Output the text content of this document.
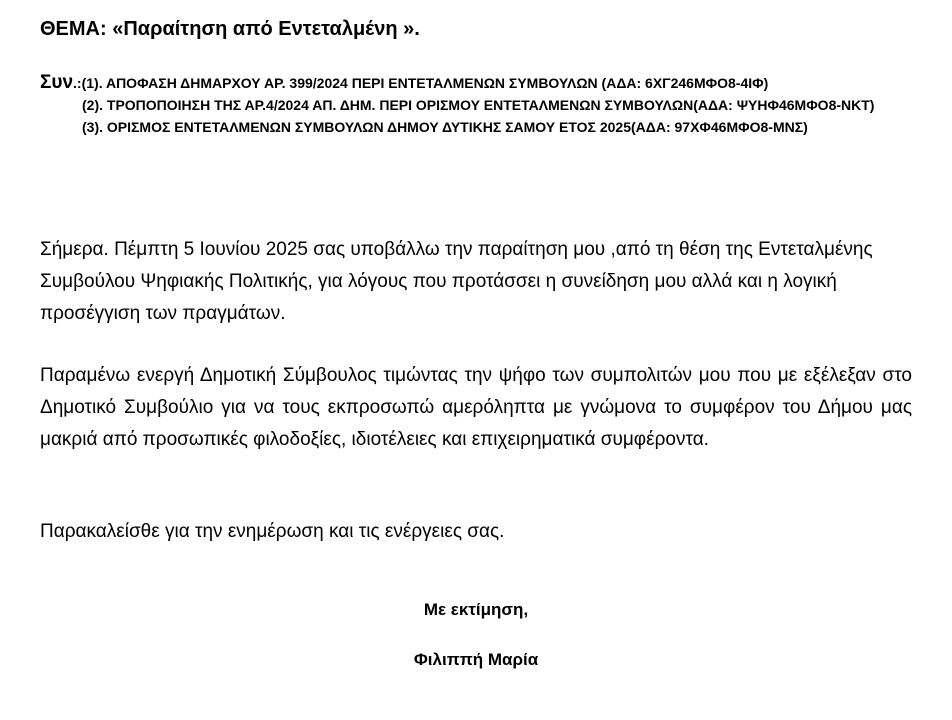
ΘΕΜΑ: «Παραίτηση από Εντεταλμένη ».

Συν.:(1). ΑΠΟΦΑΣΗ ΔΗΜΑΡΧΟΥ ΑΡ. 399/2024 ΠΕΡΙ ΕΝΤΕΤΑΛΜΕΝΩΝ ΣΥΜΒΟΥΛΩΝ (ΑΔΑ: 6ΧΓ246ΜΦΟ8-4ΙΦ)

(2). ΤΡΟΠΟΠΟΙΗΣΗ ΤΗΣ ΑΡ.4/2024 ΑΠ. ΔΗΜ. ΠΕΡΙ ΟΡΙΣΜΟΥ ΕΝΤΕΤΑΛΜΕΝΩΝ ΣΥΜΒΟΥΛΩΝ(ΑΔΑ: ΨΥΗΦ46ΜΦΟ8-ΝΚΤ)

(3). ΟΡΙΣΜΟΣ ΕΝΤΕΤΑΛΜΕΝΩΝ ΣΥΜΒΟΥΛΩΝ ΔΗΜΟΥ ΔΥΤΙΚΗΣ ΣΑΜΟΥ ΕΤΟΣ 2025(ΑΔΑ: 97ΧΦ46ΜΦΟ8-ΜΝΣ)

Σήμερα. Πέμπτη 5 Ιουνίου 2025 σας υποβάλλω την παραίτηση μου ,από τη θέση της Εντεταλμένης Συμβούλου Ψηφιακής Πολιτικής, για λόγους που προτάσσει η συνείδηση μου αλλά και η λογική προσέγγιση των πραγμάτων.

Παραμένω ενεργή Δημοτική Σύμβουλος τιμώντας την ψήφο των συμπολιτών μου που με εξέλεξαν στο Δημοτικό Συμβούλιο για να τους εκπροσωπώ αμερόληπτα με γνώμονα το συμφέρον του Δήμου μας μακριά από προσωπικές φιλοδοξίες, ιδιοτέλειες και επιχειρηματικά συμφέροντα.

Παρακαλείσθε για την ενημέρωση και τις ενέργειες σας.

Με εκτίμηση,
Φιλιππή Μαρία
